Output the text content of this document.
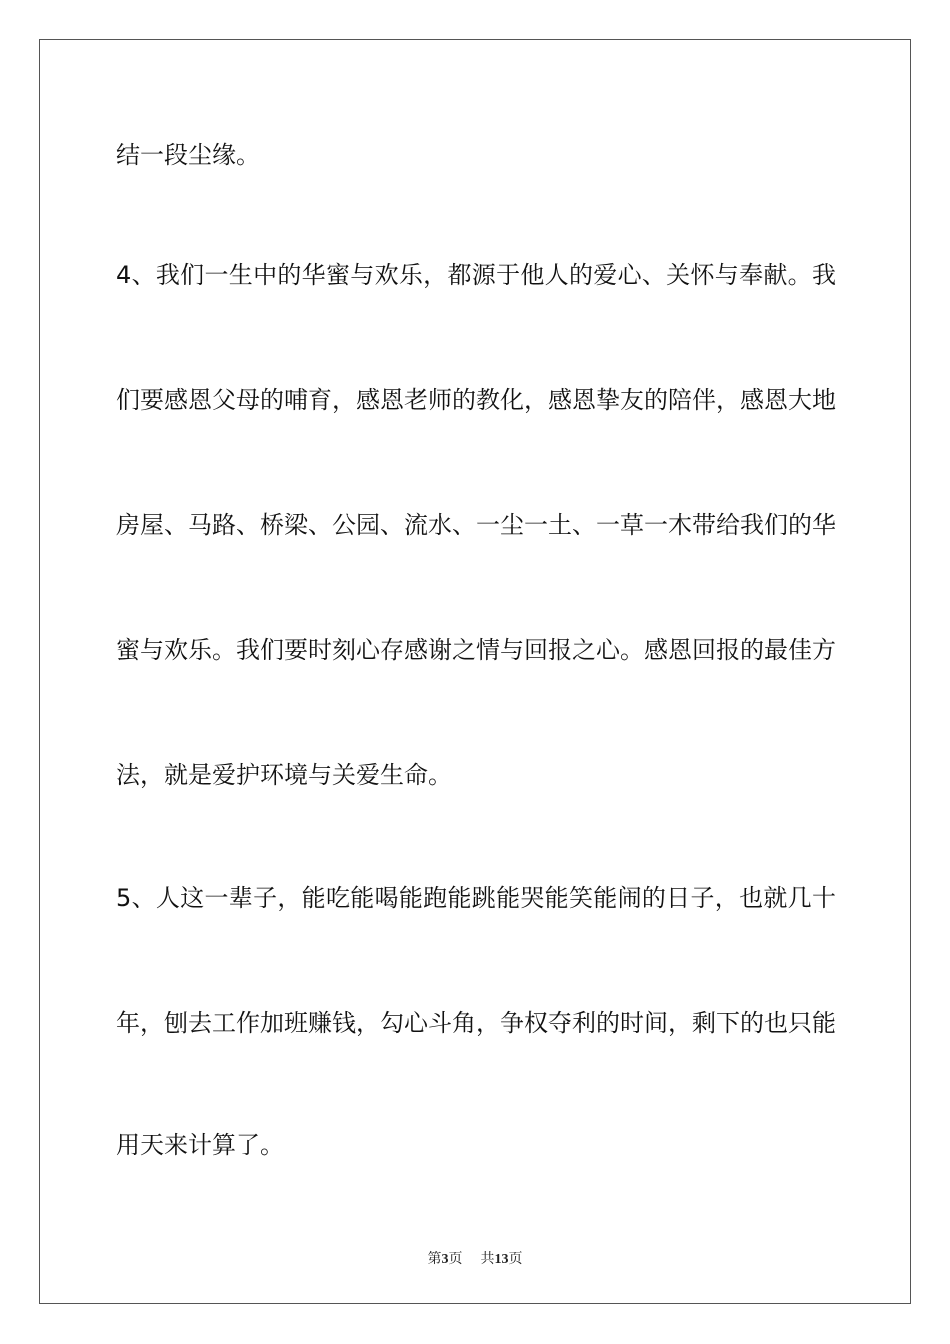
结一段尘缘。
4、我们一生中的华蜜与欢乐，都源于他人的爱心、关怀与奉献。我
们要感恩父母的哺育，感恩老师的教化，感恩挚友的陪伴，感恩大地
房屋、马路、桥梁、公园、流水、一尘一土、一草一木带给我们的华
蜜与欢乐。我们要时刻心存感谢之情与回报之心。感恩回报的最佳方
法，就是爱护环境与关爱生命。
5、人这一辈子，能吃能喝能跑能跳能哭能笑能闹的日子，也就几十
年，刨去工作加班赚钱，勾心斗角，争权夺利的时间，剩下的也只能
用天来计算了。
第3页 共13页
